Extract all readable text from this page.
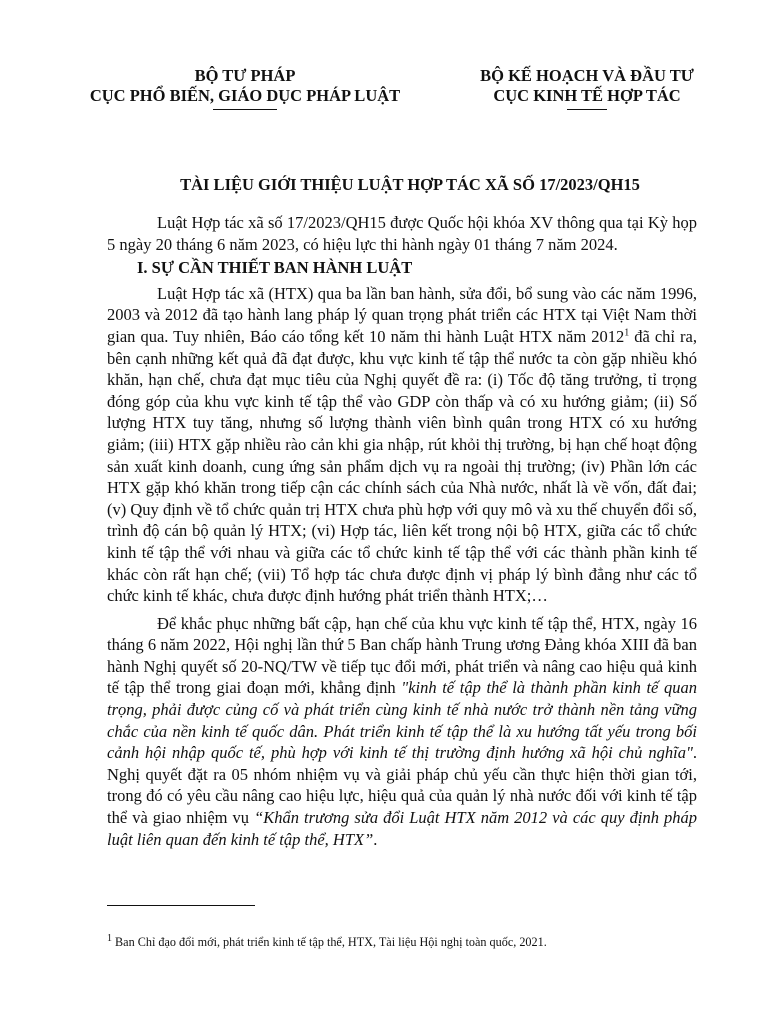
BỘ TƯ PHÁP
CỤC PHỔ BIẾN, GIÁO DỤC PHÁP LUẬT
BỘ KẾ HOẠCH VÀ ĐẦU TƯ
CỤC KINH TẾ HỢP TÁC
TÀI LIỆU GIỚI THIỆU LUẬT HỢP TÁC XÃ SỐ 17/2023/QH15

Luật Hợp tác xã số 17/2023/QH15 được Quốc hội khóa XV thông qua tại Kỳ họp 5 ngày 20 tháng 6 năm 2023, có hiệu lực thi hành ngày 01 tháng 7 năm 2024.

I. SỰ CẦN THIẾT BAN HÀNH LUẬT

Luật Hợp tác xã (HTX) qua ba lần ban hành, sửa đổi, bổ sung vào các năm 1996, 2003 và 2012 đã tạo hành lang pháp lý quan trọng phát triển các HTX tại Việt Nam thời gian qua. Tuy nhiên, Báo cáo tổng kết 10 năm thi hành Luật HTX năm 2012$^1$ đã chỉ ra, bên cạnh những kết quả đã đạt được, khu vực kinh tế tập thể nước ta còn gặp nhiều khó khăn, hạn chế, chưa đạt mục tiêu của Nghị quyết đề ra: (i) Tốc độ tăng trưởng, tỉ trọng đóng góp của khu vực kinh tế tập thể vào GDP còn thấp và có xu hướng giảm; (ii) Số lượng HTX tuy tăng, nhưng số lượng thành viên bình quân trong HTX có xu hướng giảm; (iii) HTX gặp nhiều rào cản khi gia nhập, rút khỏi thị trường, bị hạn chế hoạt động sản xuất kinh doanh, cung ứng sản phẩm dịch vụ ra ngoài thị trường; (iv) Phần lớn các HTX gặp khó khăn trong tiếp cận các chính sách của Nhà nước, nhất là về vốn, đất đai; (v) Quy định về tổ chức quản trị HTX chưa phù hợp với quy mô và xu thế chuyển đổi số, trình độ cán bộ quản lý HTX; (vi) Hợp tác, liên kết trong nội bộ HTX, giữa các tổ chức kinh tế tập thể với nhau và giữa các tổ chức kinh tế tập thể với các thành phần kinh tế khác còn rất hạn chế; (vii) Tổ hợp tác chưa được định vị pháp lý bình đẳng như các tổ chức kinh tế khác, chưa được định hướng phát triển thành HTX;…

Để khắc phục những bất cập, hạn chế của khu vực kinh tế tập thể, HTX, ngày 16 tháng 6 năm 2022, Hội nghị lần thứ 5 Ban chấp hành Trung ương Đảng khóa XIII đã ban hành Nghị quyết số 20-NQ/TW về tiếp tục đổi mới, phát triển và nâng cao hiệu quả kinh tế tập thể trong giai đoạn mới, khẳng định "kinh tế tập thể là thành phần kinh tế quan trọng, phải được củng cố và phát triển cùng kinh tế nhà nước trở thành nền tảng vững chắc của nền kinh tế quốc dân. Phát triển kinh tế tập thể là xu hướng tất yếu trong bối cảnh hội nhập quốc tế, phù hợp với kinh tế thị trường định hướng xã hội chủ nghĩa". Nghị quyết đặt ra 05 nhóm nhiệm vụ và giải pháp chủ yếu cần thực hiện thời gian tới, trong đó có yêu cầu nâng cao hiệu lực, hiệu quả của quản lý nhà nước đối với kinh tế tập thể và giao nhiệm vụ “Khẩn trương sửa đổi Luật HTX năm 2012 và các quy định pháp luật liên quan đến kinh tế tập thể, HTX”.

$^1$ Ban Chỉ đạo đổi mới, phát triển kinh tế tập thể, HTX, Tài liệu Hội nghị toàn quốc, 2021.
